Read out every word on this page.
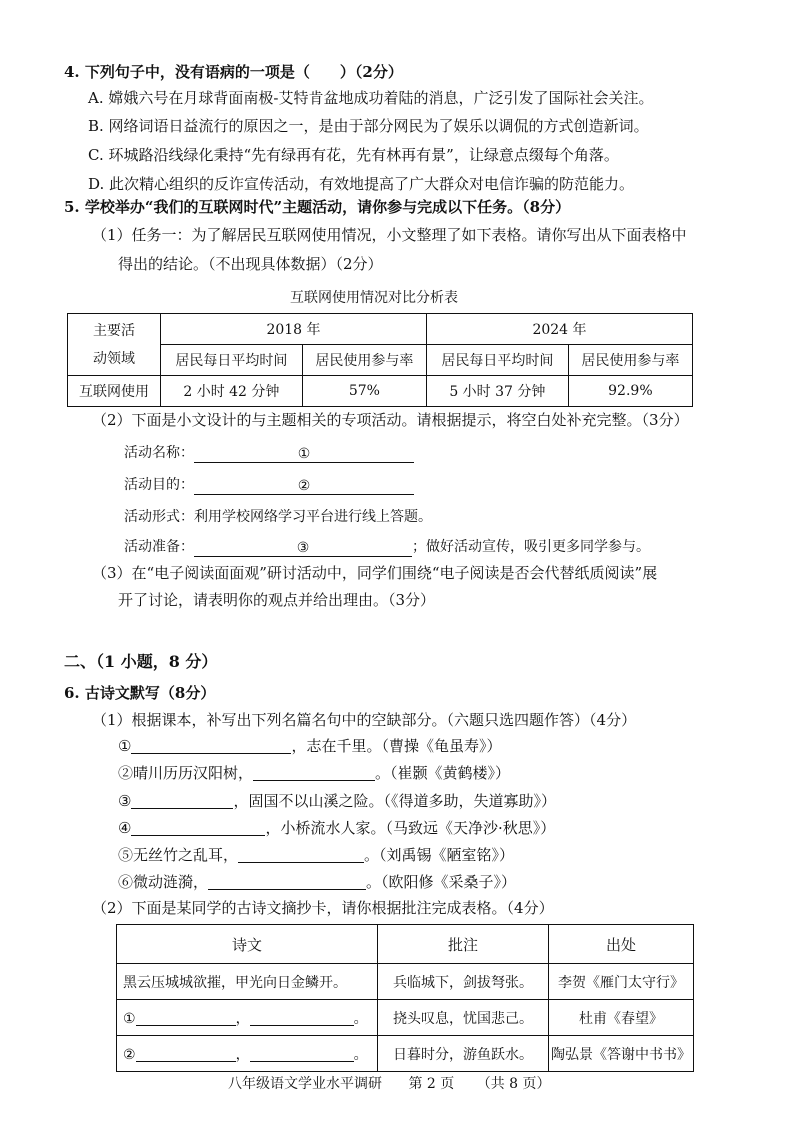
4. 下列句子中，没有语病的一项是（　　）（2分）
A. 嫦娥六号在月球背面南极-艾特肯盆地成功着陆的消息，广泛引发了国际社会关注。
B. 网络词语日益流行的原因之一，是由于部分网民为了娱乐以调侃的方式创造新词。
C. 环城路沿线绿化秉持“先有绿再有花，先有林再有景”，让绿意点缀每个角落。
D. 此次精心组织的反诈宣传活动，有效地提高了广大群众对电信诈骗的防范能力。
5. 学校举办“我们的互联网时代”主题活动，请你参与完成以下任务。（8分）
（1）任务一：为了解居民互联网使用情况，小文整理了如下表格。请你写出从下面表格中
得出的结论。（不出现具体数据）（2分）
互联网使用情况对比分析表
主要活
动领域	2018 年		2024 年	
	居民每日平均时间	居民使用参与率	居民每日平均时间	居民使用参与率
互联网使用	2 小时 42 分钟	57%	5 小时 37 分钟	92.9%
（2）下面是小文设计的与主题相关的专项活动。请根据提示，将空白处补充完整。（3分）
活动名称：	①
活动目的：	②
活动形式：利用学校网络学习平台进行线上答题。
活动准备：	③	；做好活动宣传，吸引更多同学参与。
（3）在“电子阅读面面观”研讨活动中，同学们围绕“电子阅读是否会代替纸质阅读”展
开了讨论，请表明你的观点并给出理由。（3分）
二、（1 小题，8 分）
6. 古诗文默写（8分）
（1）根据课本，补写出下列名篇名句中的空缺部分。（六题只选四题作答）（4分）
①	，志在千里。（曹操《龟虽寿》）
②晴川历历汉阳树，	。（崔颢《黄鹤楼》）
③	，固国不以山溪之险。（《得道多助，失道寡助》）
④	，小桥流水人家。（马致远《天净沙·秋思》）
⑤无丝竹之乱耳，	。（刘禹锡《陋室铭》）
⑥微动涟漪，	。（欧阳修《采桑子》）
（2）下面是某同学的古诗文摘抄卡，请你根据批注完成表格。（4分）
诗文	批注	出处
黑云压城城欲摧，甲光向日金鳞开。	兵临城下，剑拔弩张。	李贺《雁门太守行》
① ， 。	挠头叹息，忧国悲己。	杜甫《春望》
② ， 。	日暮时分，游鱼跃水。	陶弘景《答谢中书书》
八年级语文学业水平调研 第 2 页 （共 8 页）
